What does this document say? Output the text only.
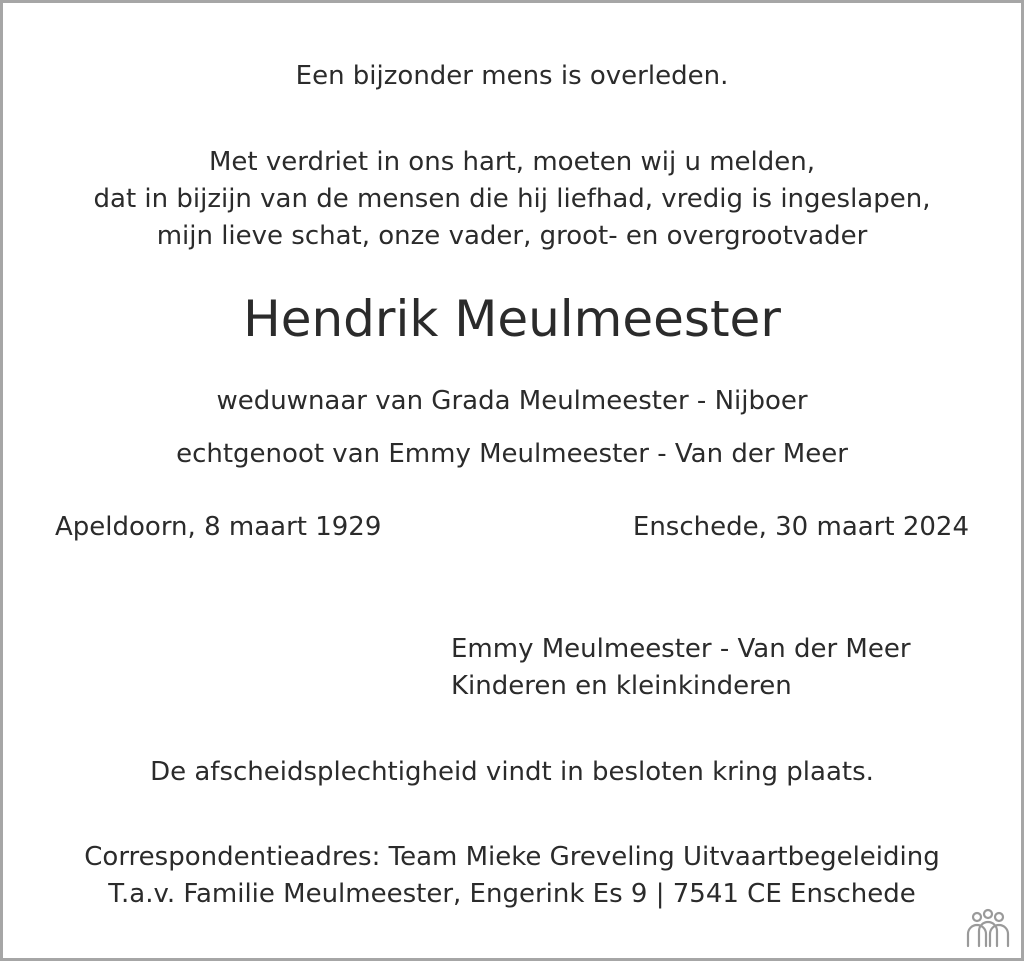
Een bijzonder mens is overleden.
Met verdriet in ons hart, moeten wij u melden,
dat in bijzijn van de mensen die hij liefhad, vredig is ingeslapen,
mijn lieve schat, onze vader, groot- en overgrootvader
Hendrik Meulmeester
weduwnaar van Grada Meulmeester - Nijboer
echtgenoot van Emmy Meulmeester - Van der Meer
Apeldoorn, 8 maart 1929	Enschede, 30 maart 2024
Emmy Meulmeester - Van der Meer
Kinderen en kleinkinderen
De afscheidsplechtigheid vindt in besloten kring plaats.
Correspondentieadres: Team Mieke Greveling Uitvaartbegeleiding
T.a.v. Familie Meulmeester, Engerink Es 9 | 7541 CE Enschede
